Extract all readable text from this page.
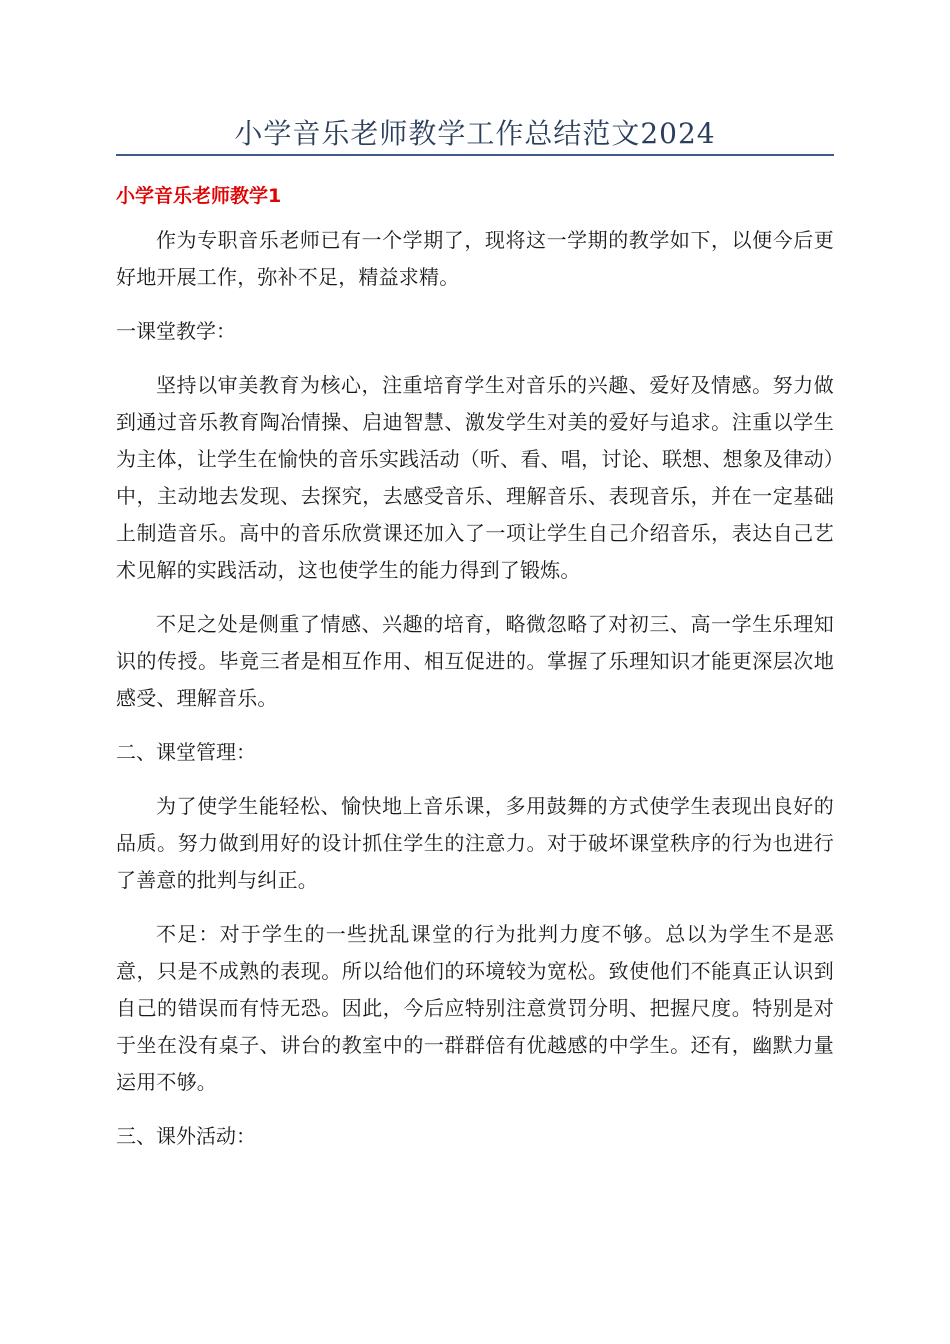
小学音乐老师教学工作总结范文2024
小学音乐老师教学1

作为专职音乐老师已有一个学期了，现将这一学期的教学如下，以便今后更好地开展工作，弥补不足，精益求精。

一课堂教学：

坚持以审美教育为核心，注重培育学生对音乐的兴趣、爱好及情感。努力做到通过音乐教育陶冶情操、启迪智慧、激发学生对美的爱好与追求。注重以学生为主体，让学生在愉快的音乐实践活动（听、看、唱，讨论、联想、想象及律动）中，主动地去发现、去探究，去感受音乐、理解音乐、表现音乐，并在一定基础上制造音乐。高中的音乐欣赏课还加入了一项让学生自己介绍音乐，表达自己艺术见解的实践活动，这也使学生的能力得到了锻炼。

不足之处是侧重了情感、兴趣的培育，略微忽略了对初三、高一学生乐理知识的传授。毕竟三者是相互作用、相互促进的。掌握了乐理知识才能更深层次地感受、理解音乐。

二、课堂管理：

为了使学生能轻松、愉快地上音乐课，多用鼓舞的方式使学生表现出良好的品质。努力做到用好的设计抓住学生的注意力。对于破坏课堂秩序的行为也进行了善意的批判与纠正。

不足：对于学生的一些扰乱课堂的行为批判力度不够。总以为学生不是恶意，只是不成熟的表现。所以给他们的环境较为宽松。致使他们不能真正认识到自己的错误而有恃无恐。因此，今后应特别注意赏罚分明、把握尺度。特别是对于坐在没有桌子、讲台的教室中的一群群倍有优越感的中学生。还有，幽默力量运用不够。

三、课外活动：
